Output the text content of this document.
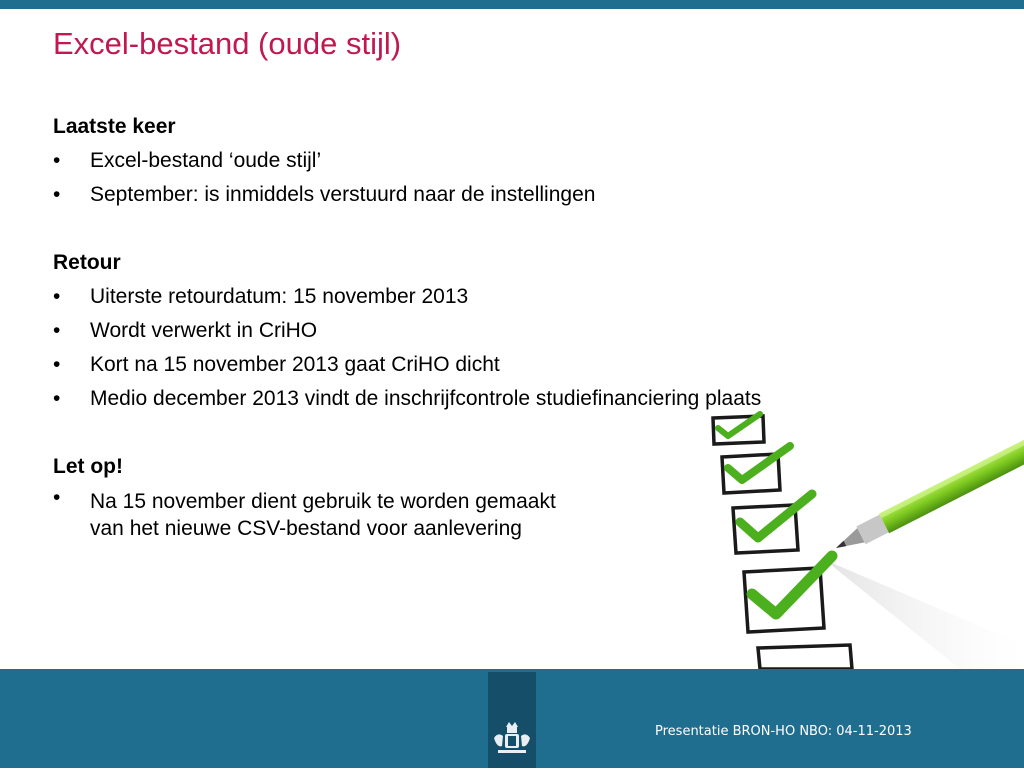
Excel-bestand (oude stijl)
Laatste keer
• Excel-bestand ‘oude stijl’
• September: is inmiddels verstuurd naar de instellingen
Retour
• Uiterste retourdatum: 15 november 2013
• Wordt verwerkt in CriHO
• Kort na 15 november 2013 gaat CriHO dicht
• Medio december 2013 vindt de inschrijfcontrole studiefinanciering plaats
Let op!
• Na 15 november dient gebruik te worden gemaakt
van het nieuwe CSV-bestand voor aanlevering
Presentatie BRON-HO NBO: 04-11-2013
